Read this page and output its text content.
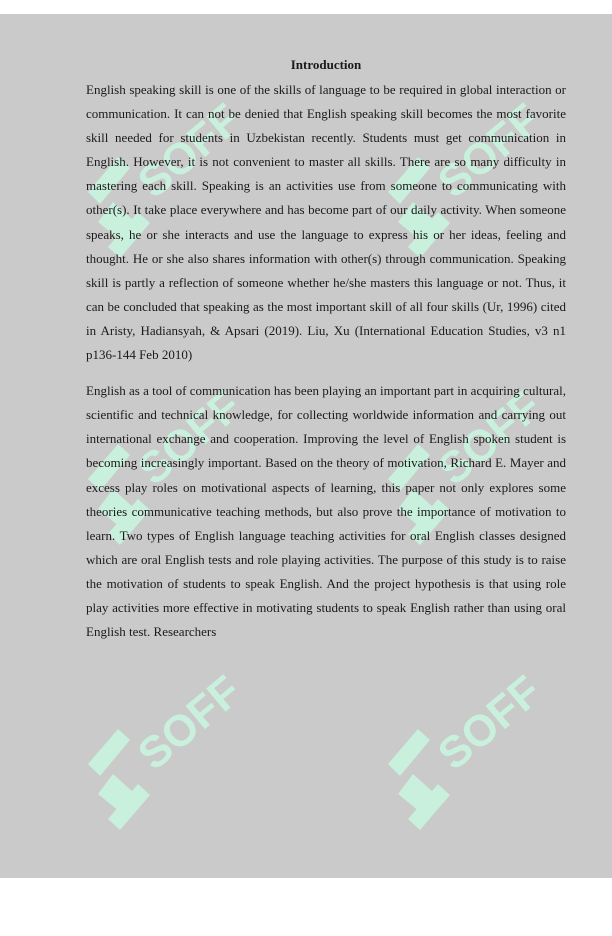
SOFF	SOFF
SOFF	SOFF
SOFF	SOFF
Introduction

English speaking skill is one of the skills of language to be required in global interaction or communication. It can not be denied that English speaking skill becomes the most favorite skill needed for students in Uzbekistan recently. Students must get communication in English. However, it is not convenient to master all skills. There are so many difficulty in mastering each skill. Speaking is an activities use from someone to communicating with other(s). It take place everywhere and has become part of our daily activity. When someone speaks, he or she interacts and use the language to express his or her ideas, feeling and thought. He or she also shares information with other(s) through communication. Speaking skill is partly a reflection of someone whether he/she masters this language or not. Thus, it can be concluded that speaking as the most important skill of all four skills (Ur, 1996) cited in Aristy, Hadiansyah, & Apsari (2019). Liu, Xu (International Education Studies, v3 n1 p136-144 Feb 2010)

English as a tool of communication has been playing an important part in acquiring cultural, scientific and technical knowledge, for collecting worldwide information and carrying out international exchange and cooperation. Improving the level of English spoken student is becoming increasingly important. Based on the theory of motivation, Richard E. Mayer and excess play roles on motivational aspects of learning, this paper not only explores some theories communicative teaching methods, but also prove the importance of motivation to learn. Two types of English language teaching activities for oral English classes designed which are oral English tests and role playing activities. The purpose of this study is to raise the motivation of students to speak English. And the project hypothesis is that using role play activities more effective in motivating students to speak English rather than using oral English test. Researchers
